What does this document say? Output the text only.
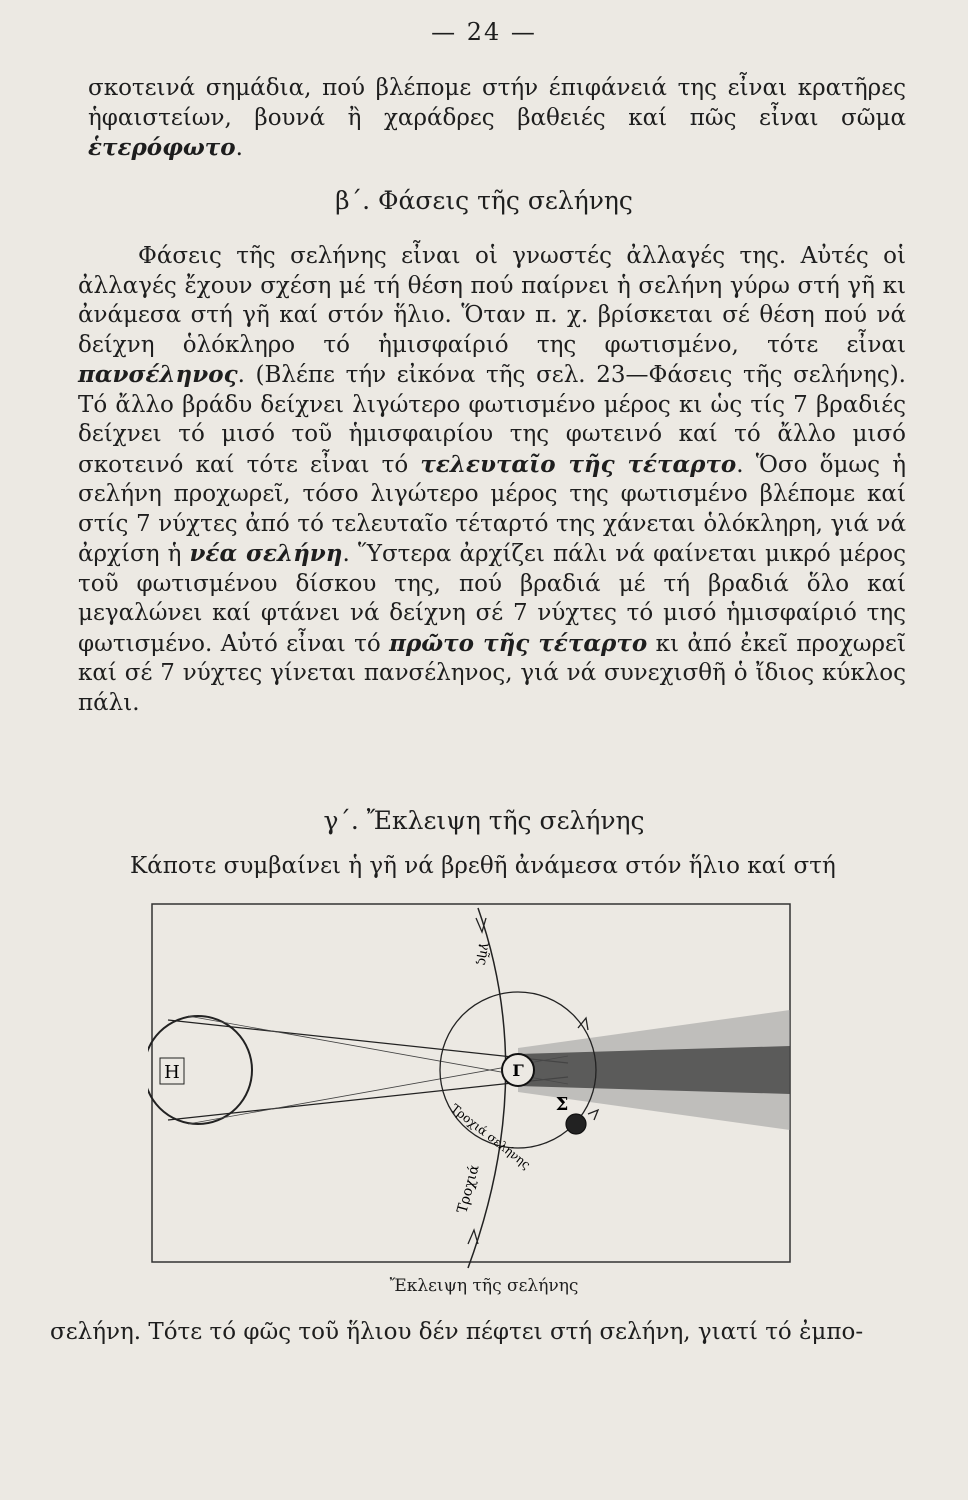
— 24 —

σκοτεινά σημάδια, πού βλέπομε στήν έπιφάνειά της εἶναι κρατῆρες ἡφαιστείων, βουνά ἢ χαράδρες βαθειές καί πῶς εἶναι σῶμα ἑτερόφωτο.

β΄. Φάσεις τῆς σελήνης

Φάσεις τῆς σελήνης εἶναι οἱ γνωστές ἀλλαγές της. Αὐτές οἱ ἀλλαγές ἔχουν σχέση μέ τή θέση πού παίρνει ἡ σελήνη γύρω στή γῆ κι ἀνάμεσα στή γῆ καί στόν ἥλιο. Ὅταν π. χ. βρίσκεται σέ θέση πού νά δείχνη ὁλόκληρο τό ἡμισφαίριό της φωτισμένο, τότε εἶναι πανσέληνος. (Βλέπε τήν εἰκόνα τῆς σελ. 23—Φάσεις τῆς σελήνης). Τό ἄλλο βράδυ δείχνει λιγώτερο φωτισμένο μέρος κι ὡς τίς 7 βραδιές δείχνει τό μισό τοῦ ἡμισφαιρίου της φωτεινό καί τό ἄλλο μισό σκοτεινό καί τότε εἶναι τό τελευταῖο τῆς τέταρτο. Ὅσο ὅμως ἡ σελήνη προχωρεῖ, τόσο λιγώτερο μέρος της φωτισμένο βλέπομε καί στίς 7 νύχτες ἀπό τό τελευταῖο τέταρτό της χάνεται ὁλόκληρη, γιά νά ἀρχίση ἡ νέα σελήνη. Ὕστερα ἀρχίζει πάλι νά φαίνεται μικρό μέρος τοῦ φωτισμένου δίσκου της, πού βραδιά μέ τή βραδιά ὅλο καί μεγαλώνει καί φτάνει νά δείχνη σέ 7 νύχτες τό μισό ἡμισφαίριό της φωτισμένο. Αὐτό εἶναι τό πρῶτο τῆς τέταρτο κι ἀπό ἐκεῖ προχωρεῖ καί σέ 7 νύχτες γίνεται πανσέληνος, γιά νά συνεχισθῆ ὁ ἴδιος κύκλος πάλι.

γ΄. Ἔκλειψη τῆς σελήνης

Κάποτε συμβαίνει ἡ γῆ νά βρεθῆ ἀνάμεσα στόν ἥλιο καί στή

Η	Γ
Σ
Τροχιά σελήνης
Τροχιά
γῆς
Ἔκλειψη τῆς σελήνης

σελήνη. Τότε τό φῶς τοῦ ἥλιου δέν πέφτει στή σελήνη, γιατί τό ἐμπο-
